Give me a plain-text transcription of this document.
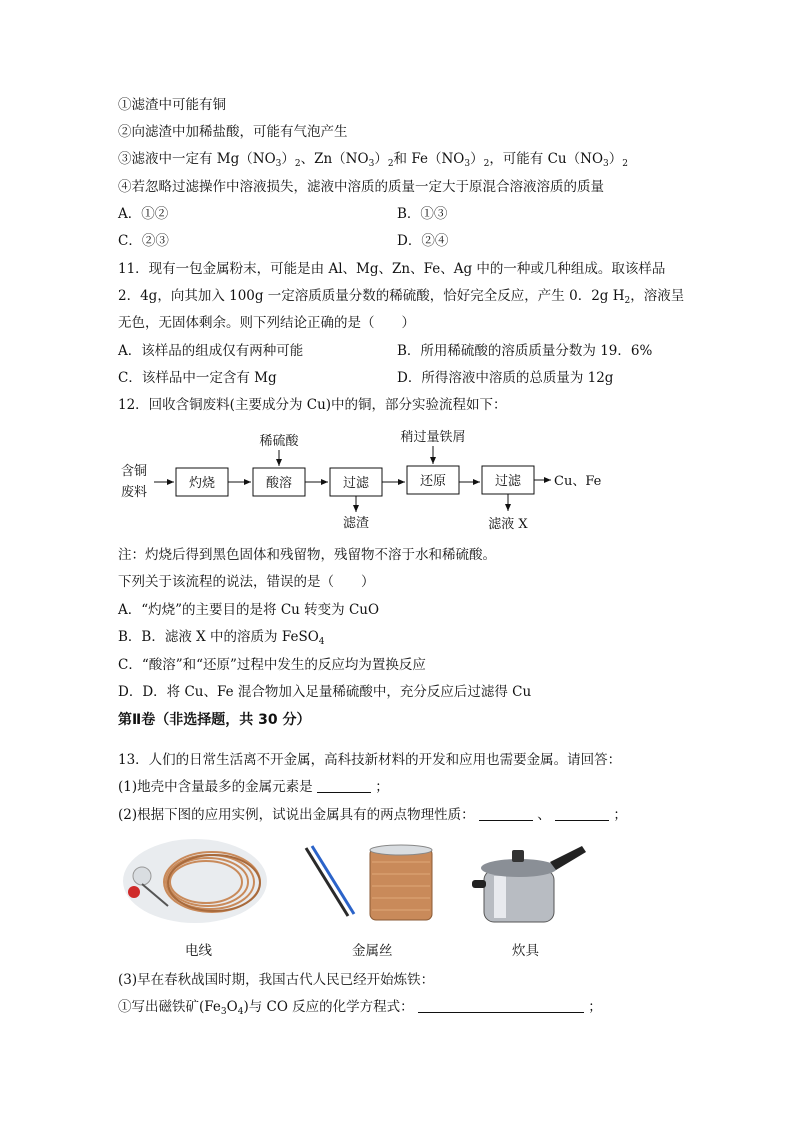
①滤渣中可能有铜
②向滤渣中加稀盐酸，可能有气泡产生
③滤液中一定有 $Mg(NO_3)_2$、$Zn(NO_3)_2$和 $Fe(NO_3)_2$，可能有 $Cu(NO_3)_2$
④若忽略过滤操作中溶液损失，滤液中溶质的质量一定大于原混合溶液溶质的质量
A．①②	B．①③
C．②③	D．②④
11．现有一包金属粉末，可能是由 Al、Mg、Zn、Fe、Ag 中的一种或几种组成。取该样品
2．4g，向其加入 100g 一定溶质质量分数的稀硫酸，恰好完全反应，产生 0．2g $H_2$，溶液呈
无色，无固体剩余。则下列结论正确的是（　　）
A．该样品的组成仅有两种可能	B．所用稀硫酸的溶质质量分数为 19．6%
C．该样品中一定含有 Mg	D．所得溶液中溶质的总质量为 12g
12．回收含铜废料(主要成分为 Cu)中的铜，部分实验流程如下：
含铜
废料
灼烧	酸溶
稀硫酸
过滤
滤渣
还原
稍过量铁屑
过滤
滤液 X
Cu、Fe
注：灼烧后得到黑色固体和残留物，残留物不溶于水和稀硫酸。
下列关于该流程的说法，错误的是（　　）
A．“灼烧”的主要目的是将 Cu 转变为 CuO
B．B．滤液 X 中的溶质为 FeSO$_4$
C．“酸溶”和“还原”过程中发生的反应均为置换反应
D．D．将 Cu、Fe 混合物加入足量稀硫酸中，充分反应后过滤得 Cu
第Ⅱ卷（非选择题，共 30 分）
13．人们的日常生活离不开金属，高科技新材料的开发和应用也需要金属。请回答：
(1)地壳中含量最多的金属元素是	；
(2)根据下图的应用实例，试说出金属具有的两点物理性质：	、	；
电线	金属丝	炊具
(3)早在春秋战国时期，我国古代人民已经开始炼铁：
①写出磁铁矿$(Fe_3O_4)$与 CO 反应的化学方程式：	；
